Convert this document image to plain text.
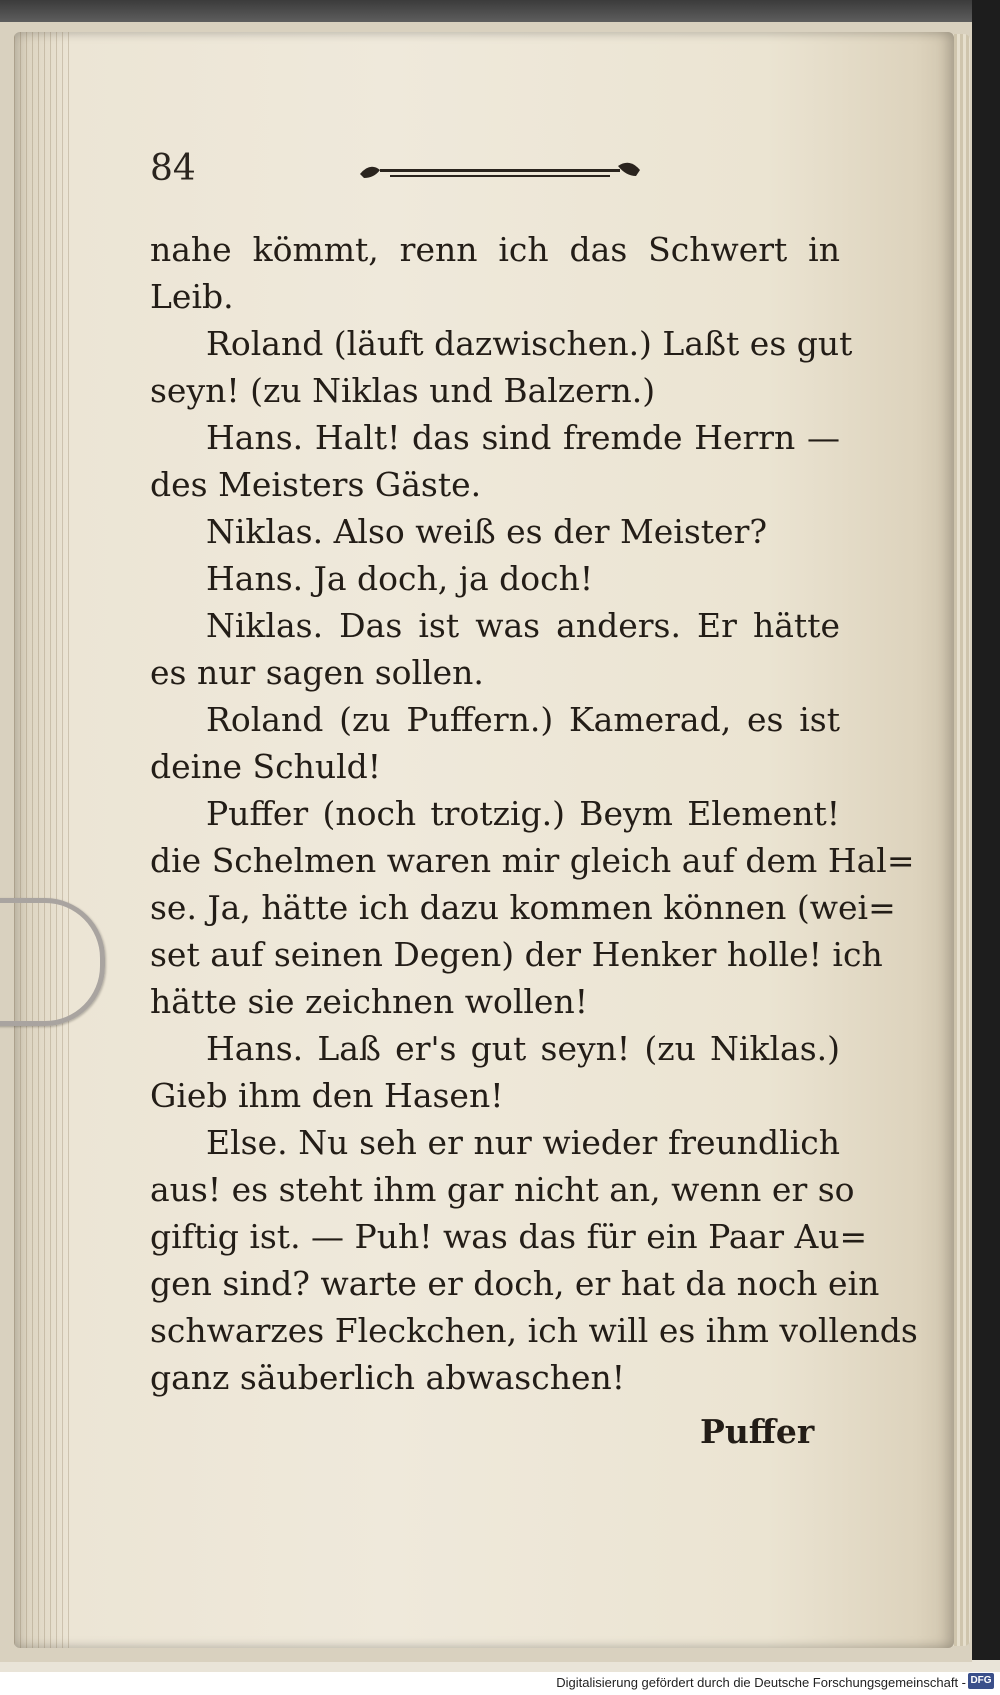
84
nahe kömmt, renn ich das Schwert in
Leib.
Roland (läuft dazwischen.) Laßt es gut
seyn! (zu Niklas und Balzern.)
Hans. Halt! das sind fremde Herrn —
des Meisters Gäste.
Niklas. Also weiß es der Meister?
Hans. Ja doch, ja doch!
Niklas. Das ist was anders. Er hätte
es nur sagen sollen.
Roland (zu Puffern.) Kamerad, es ist
deine Schuld!
Puffer (noch trotzig.) Beym Element!
die Schelmen waren mir gleich auf dem Hal=
se. Ja, hätte ich dazu kommen können (wei=
set auf seinen Degen) der Henker holle! ich
hätte sie zeichnen wollen!
Hans. Laß er's gut seyn! (zu Niklas.)
Gieb ihm den Hasen!
Else. Nu seh er nur wieder freundlich
aus! es steht ihm gar nicht an, wenn er so
giftig ist. — Puh! was das für ein Paar Au=
gen sind? warte er doch, er hat da noch ein
schwarzes Fleckchen, ich will es ihm vollends
ganz säuberlich abwaschen!
Puffer
Digitalisierung gefördert durch die Deutsche Forschungsgemeinschaft - DFG
